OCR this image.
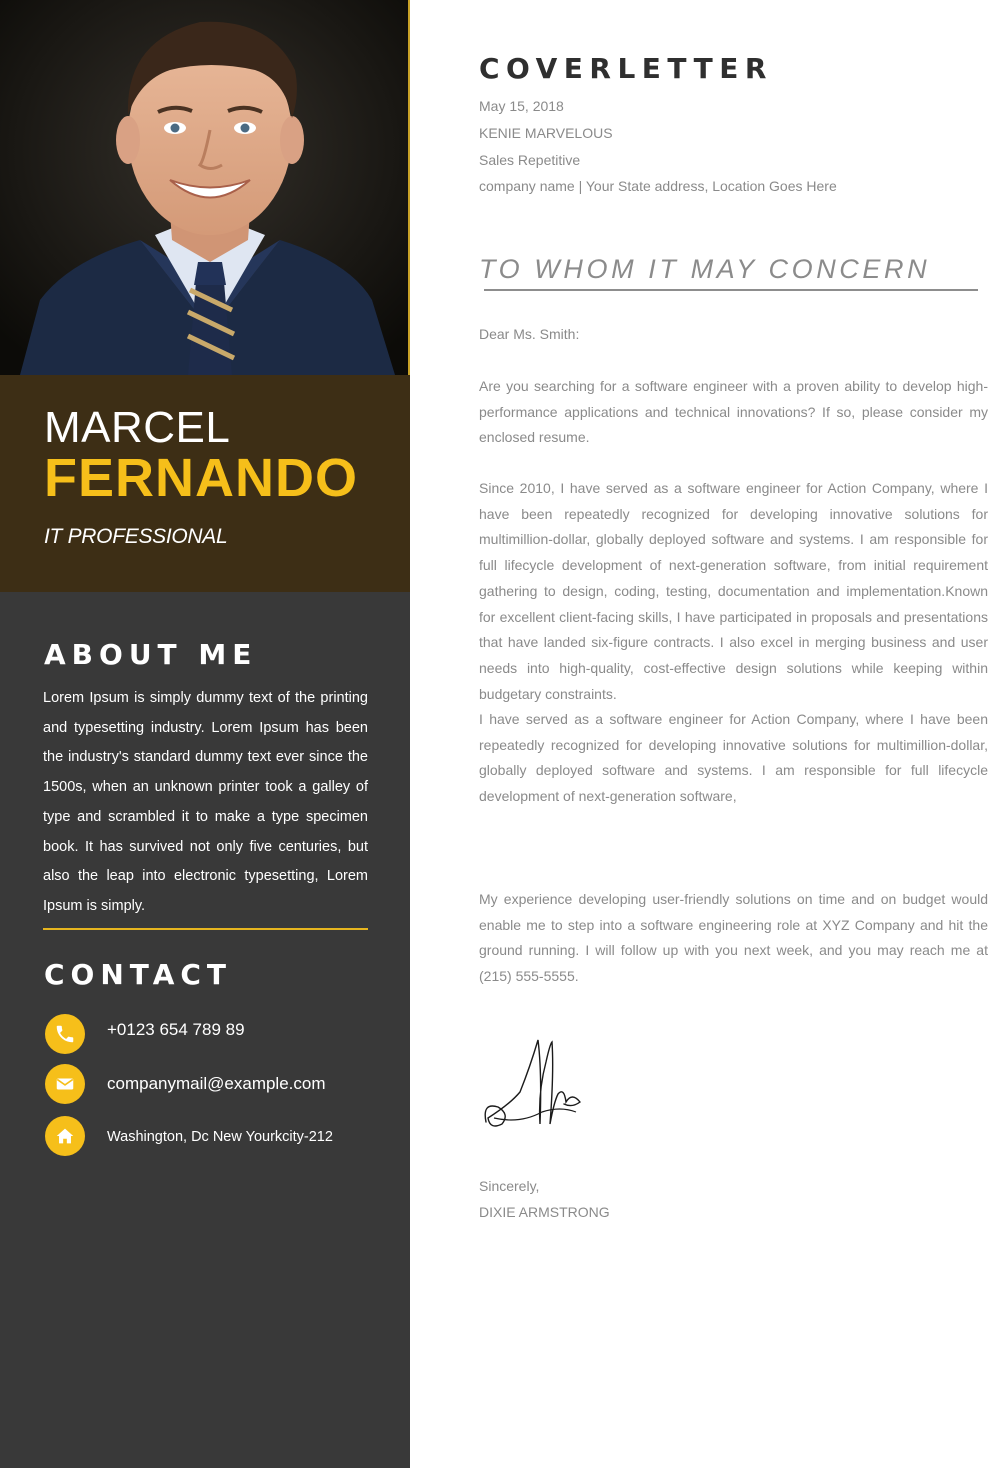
MARCEL
FERNANDO
IT PROFESSIONAL
ABOUT ME
Lorem Ipsum is simply dummy text of the printing and typesetting industry. Lorem Ipsum has been the industry's standard dummy text ever since the 1500s, when an unknown printer took a galley of type and scrambled it to make a type specimen book. It has survived not only five centuries, but also the leap into electronic typesetting, Lorem Ipsum is simply.
CONTACT
+0123 654 789 89
companymail@example.com
Washington, Dc New Yourkcity-212
COVERLETTER
May 15, 2018
KENIE MARVELOUS
Sales Repetitive
company name | Your State address, Location Goes Here
TO WHOM IT MAY CONCERN
Dear Ms. Smith:
Are you searching for a software engineer with a proven ability to develop high-performance applications and technical innovations? If so, please consider my enclosed resume.
Since 2010, I have served as a software engineer for Action Company, where I have been repeatedly recognized for developing innovative solutions for multimillion-dollar, globally deployed software and systems. I am responsible for full lifecycle development of next-generation software, from initial requirement gathering to design, coding, testing, documentation and implementation.Known for excellent client-facing skills, I have participated in proposals and presentations that have landed six-figure contracts. I also excel in merging business and user needs into high-quality, cost-effective design solutions while keeping within budgetary constraints.
I have served as a software engineer for Action Company, where I have been repeatedly recognized for developing innovative solutions for multimillion-dollar, globally deployed software and systems. I am responsible for full lifecycle development of next-generation software,
My experience developing user-friendly solutions on time and on budget would enable me to step into a software engineering role at XYZ Company and hit the ground running. I will follow up with you next week, and you may reach me at (215) 555-5555.
Sincerely,
DIXIE ARMSTRONG
